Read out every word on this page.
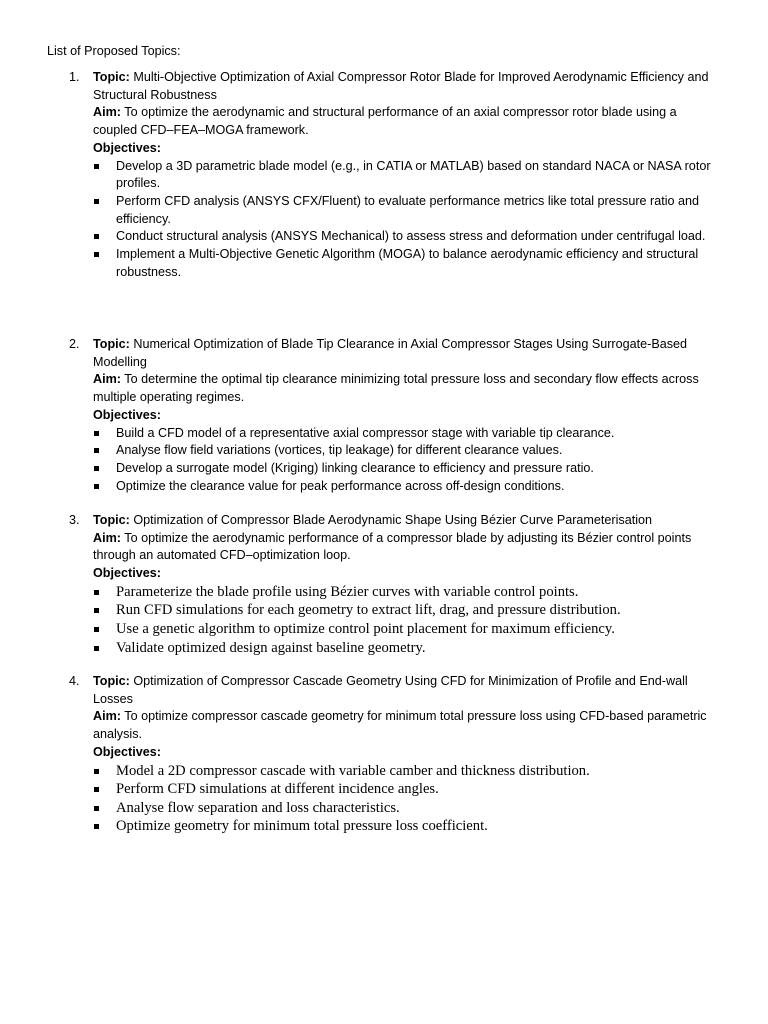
List of Proposed Topics:
1. Topic: Multi-Objective Optimization of Axial Compressor Rotor Blade for Improved Aerodynamic Efficiency and Structural Robustness

Aim: To optimize the aerodynamic and structural performance of an axial compressor rotor blade using a coupled CFD–FEA–MOGA framework.

Objectives:

Develop a 3D parametric blade model (e.g., in CATIA or MATLAB) based on standard NACA or NASA rotor profiles.
Perform CFD analysis (ANSYS CFX/Fluent) to evaluate performance metrics like total pressure ratio and efficiency.
Conduct structural analysis (ANSYS Mechanical) to assess stress and deformation under centrifugal load.
Implement a Multi-Objective Genetic Algorithm (MOGA) to balance aerodynamic efficiency and structural robustness.
2. Topic: Numerical Optimization of Blade Tip Clearance in Axial Compressor Stages Using Surrogate-Based Modelling

Aim: To determine the optimal tip clearance minimizing total pressure loss and secondary flow effects across multiple operating regimes.

Objectives:

Build a CFD model of a representative axial compressor stage with variable tip clearance.
Analyse flow field variations (vortices, tip leakage) for different clearance values.
Develop a surrogate model (Kriging) linking clearance to efficiency and pressure ratio.
Optimize the clearance value for peak performance across off-design conditions.
3. Topic: Optimization of Compressor Blade Aerodynamic Shape Using Bézier Curve Parameterisation

Aim: To optimize the aerodynamic performance of a compressor blade by adjusting its Bézier control points through an automated CFD–optimization loop.

Objectives:

Parameterize the blade profile using Bézier curves with variable control points.
Run CFD simulations for each geometry to extract lift, drag, and pressure distribution.
Use a genetic algorithm to optimize control point placement for maximum efficiency.
Validate optimized design against baseline geometry.
4. Topic: Optimization of Compressor Cascade Geometry Using CFD for Minimization of Profile and End-wall Losses

Aim: To optimize compressor cascade geometry for minimum total pressure loss using CFD-based parametric analysis.

Objectives:

Model a 2D compressor cascade with variable camber and thickness distribution.
Perform CFD simulations at different incidence angles.
Analyse flow separation and loss characteristics.
Optimize geometry for minimum total pressure loss coefficient.
